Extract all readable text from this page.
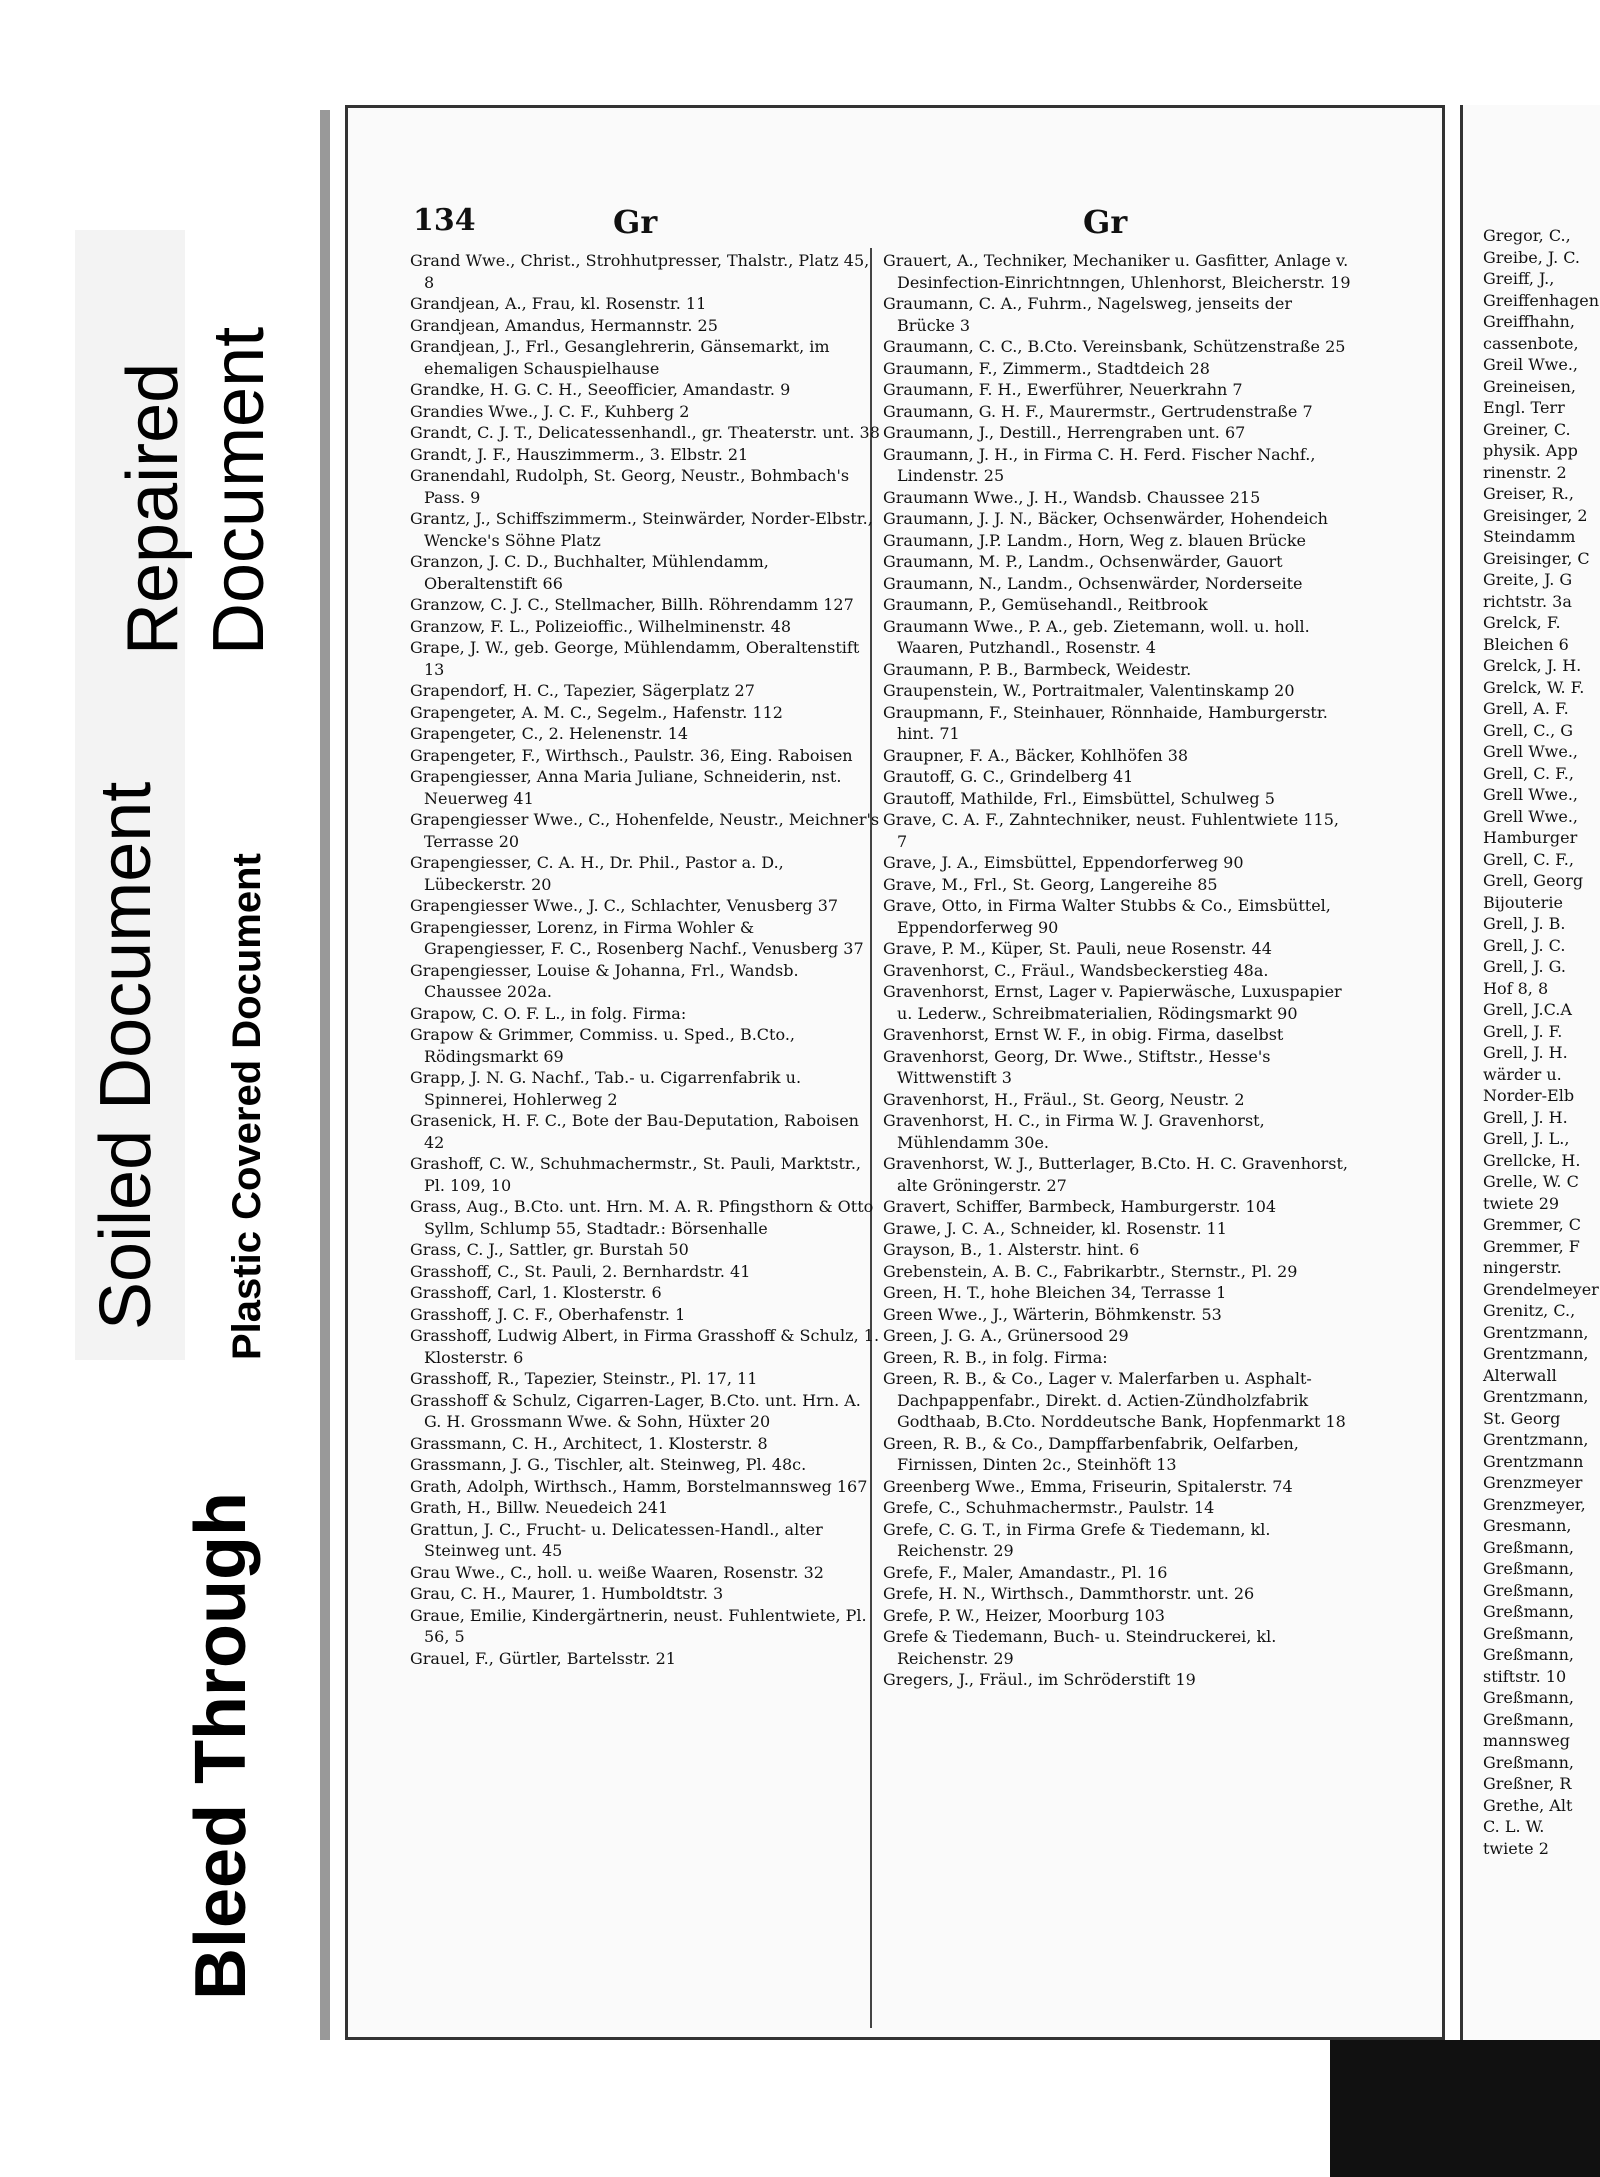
Soiled Document
Bleed Through
Plastic Covered Document
Repaired Document
134	Gr	Gr

Grand Wwe., Christ., Strohhutpresser, Thalstr., Platz 45, 8

Grandjean, A., Frau, kl. Rosenstr. 11

Grandjean, Amandus, Hermannstr. 25

Grandjean, J., Frl., Gesanglehrerin, Gänsemarkt, im ehemaligen Schauspielhause

Grandke, H. G. C. H., Seeofficier, Amandastr. 9

Grandies Wwe., J. C. F., Kuhberg 2

Grandt, C. J. T., Delicatessenhandl., gr. Theaterstr. unt. 38

Grandt, J. F., Hauszimmerm., 3. Elbstr. 21

Granendahl, Rudolph, St. Georg, Neustr., Bohmbach's Pass. 9

Grantz, J., Schiffszimmerm., Steinwärder, Norder-Elbstr., Wencke's Söhne Platz

Granzon, J. C. D., Buchhalter, Mühlendamm, Oberaltenstift 66

Granzow, C. J. C., Stellmacher, Billh. Röhrendamm 127

Granzow, F. L., Polizeioffic., Wilhelminenstr. 48

Grape, J. W., geb. George, Mühlendamm, Oberaltenstift 13

Grapendorf, H. C., Tapezier, Sägerplatz 27

Grapengeter, A. M. C., Segelm., Hafenstr. 112

Grapengeter, C., 2. Helenenstr. 14

Grapengeter, F., Wirthsch., Paulstr. 36, Eing. Raboisen

Grapengiesser, Anna Maria Juliane, Schneiderin, nst. Neuerweg 41

Grapengiesser Wwe., C., Hohenfelde, Neustr., Meichner's Terrasse 20

Grapengiesser, C. A. H., Dr. Phil., Pastor a. D., Lübeckerstr. 20

Grapengiesser Wwe., J. C., Schlachter, Venusberg 37

Grapengiesser, Lorenz, in Firma Wohler & Grapengiesser, F. C., Rosenberg Nachf., Venusberg 37

Grapengiesser, Louise & Johanna, Frl., Wandsb. Chaussee 202a.

Grapow, C. O. F. L., in folg. Firma:

Grapow & Grimmer, Commiss. u. Sped., B.Cto., Rödingsmarkt 69

Grapp, J. N. G. Nachf., Tab.- u. Cigarrenfabrik u. Spinnerei, Hohlerweg 2

Grasenick, H. F. C., Bote der Bau-Deputation, Raboisen 42

Grashoff, C. W., Schuhmachermstr., St. Pauli, Marktstr., Pl. 109, 10

Grass, Aug., B.Cto. unt. Hrn. M. A. R. Pfingsthorn & Otto Syllm, Schlump 55, Stadtadr.: Börsenhalle

Grass, C. J., Sattler, gr. Burstah 50

Grasshoff, C., St. Pauli, 2. Bernhardstr. 41

Grasshoff, Carl, 1. Klosterstr. 6

Grasshoff, J. C. F., Oberhafenstr. 1

Grasshoff, Ludwig Albert, in Firma Grasshoff & Schulz, 1. Klosterstr. 6

Grasshoff, R., Tapezier, Steinstr., Pl. 17, 11

Grasshoff & Schulz, Cigarren-Lager, B.Cto. unt. Hrn. A. G. H. Grossmann Wwe. & Sohn, Hüxter 20

Grassmann, C. H., Architect, 1. Klosterstr. 8

Grassmann, J. G., Tischler, alt. Steinweg, Pl. 48c.

Grath, Adolph, Wirthsch., Hamm, Borstelmannsweg 167

Grath, H., Billw. Neuedeich 241

Grattun, J. C., Frucht- u. Delicatessen-Handl., alter Steinweg unt. 45

Grau Wwe., C., holl. u. weiße Waaren, Rosenstr. 32

Grau, C. H., Maurer, 1. Humboldtstr. 3

Graue, Emilie, Kindergärtnerin, neust. Fuhlentwiete, Pl. 56, 5

Grauel, F., Gürtler, Bartelsstr. 21

Grauert, A., Techniker, Mechaniker u. Gasfitter, Anlage v. Desinfection-Einrichtnngen, Uhlenhorst, Bleicherstr. 19

Graumann, C. A., Fuhrm., Nagelsweg, jenseits der Brücke 3

Graumann, C. C., B.Cto. Vereinsbank, Schützenstraße 25

Graumann, F., Zimmerm., Stadtdeich 28

Graumann, F. H., Ewerführer, Neuerkrahn 7

Graumann, G. H. F., Maurermstr., Gertrudenstraße 7

Graumann, J., Destill., Herrengraben unt. 67

Graumann, J. H., in Firma C. H. Ferd. Fischer Nachf., Lindenstr. 25

Graumann Wwe., J. H., Wandsb. Chaussee 215

Graumann, J. J. N., Bäcker, Ochsenwärder, Hohendeich

Graumann, J.P. Landm., Horn, Weg z. blauen Brücke

Graumann, M. P., Landm., Ochsenwärder, Gauort

Graumann, N., Landm., Ochsenwärder, Norderseite

Graumann, P., Gemüsehandl., Reitbrook

Graumann Wwe., P. A., geb. Zietemann, woll. u. holl. Waaren, Putzhandl., Rosenstr. 4

Graumann, P. B., Barmbeck, Weidestr.

Graupenstein, W., Portraitmaler, Valentinskamp 20

Graupmann, F., Steinhauer, Rönnhaide, Hamburgerstr. hint. 71

Graupner, F. A., Bäcker, Kohlhöfen 38

Grautoff, G. C., Grindelberg 41

Grautoff, Mathilde, Frl., Eimsbüttel, Schulweg 5

Grave, C. A. F., Zahntechniker, neust. Fuhlentwiete 115, 7

Grave, J. A., Eimsbüttel, Eppendorferweg 90

Grave, M., Frl., St. Georg, Langereihe 85

Grave, Otto, in Firma Walter Stubbs & Co., Eimsbüttel, Eppendorferweg 90

Grave, P. M., Küper, St. Pauli, neue Rosenstr. 44

Gravenhorst, C., Fräul., Wandsbeckerstieg 48a.

Gravenhorst, Ernst, Lager v. Papierwäsche, Luxuspapier u. Lederw., Schreibmaterialien, Rödingsmarkt 90

Gravenhorst, Ernst W. F., in obig. Firma, daselbst

Gravenhorst, Georg, Dr. Wwe., Stiftstr., Hesse's Wittwenstift 3

Gravenhorst, H., Fräul., St. Georg, Neustr. 2

Gravenhorst, H. C., in Firma W. J. Gravenhorst, Mühlendamm 30e.

Gravenhorst, W. J., Butterlager, B.Cto. H. C. Gravenhorst, alte Gröningerstr. 27

Gravert, Schiffer, Barmbeck, Hamburgerstr. 104

Grawe, J. C. A., Schneider, kl. Rosenstr. 11

Grayson, B., 1. Alsterstr. hint. 6

Grebenstein, A. B. C., Fabrikarbtr., Sternstr., Pl. 29

Green, H. T., hohe Bleichen 34, Terrasse 1

Green Wwe., J., Wärterin, Böhmkenstr. 53

Green, J. G. A., Grünersood 29

Green, R. B., in folg. Firma:

Green, R. B., & Co., Lager v. Malerfarben u. Asphalt-Dachpappenfabr., Direkt. d. Actien-Zündholzfabrik Godthaab, B.Cto. Norddeutsche Bank, Hopfenmarkt 18

Green, R. B., & Co., Dampffarbenfabrik, Oelfarben, Firnissen, Dinten 2c., Steinhöft 13

Greenberg Wwe., Emma, Friseurin, Spitalerstr. 74

Grefe, C., Schuhmachermstr., Paulstr. 14

Grefe, C. G. T., in Firma Grefe & Tiedemann, kl. Reichenstr. 29

Grefe, F., Maler, Amandastr., Pl. 16

Grefe, H. N., Wirthsch., Dammthorstr. unt. 26

Grefe, P. W., Heizer, Moorburg 103

Grefe & Tiedemann, Buch- u. Steindruckerei, kl. Reichenstr. 29

Gregers, J., Fräul., im Schröderstift 19

Gregor, C.,
Greibe, J. C.
Greiff, J.,
Greiffenhagen
Greiffhahn,
cassenbote,
Greil Wwe.,
Greineisen,
Engl. Terr
Greiner, C.
physik. App
rinenstr. 2
Greiser, R.,
Greisinger, 2
Steindamm
Greisinger, C
Greite, J. G
richtstr. 3a
Grelck, F.
Bleichen 6
Grelck, J. H.
Grelck, W. F.
Grell, A. F.
Grell, C., G
Grell Wwe.,
Grell, C. F.,
Grell Wwe.,
Grell Wwe.,
Hamburger
Grell, C. F.,
Grell, Georg
Bijouterie
Grell, J. B.
Grell, J. C.
Grell, J. G.
Hof 8, 8
Grell, J.C.A
Grell, J. F.
Grell, J. H.
wärder u.
Norder-Elb
Grell, J. H.
Grell, J. L.,
Grellcke, H.
Grelle, W. C
twiete 29
Gremmer, C
Gremmer, F
ningerstr.
Grendelmeyer
Grenitz, C.,
Grentzmann,
Grentzmann,
Alterwall
Grentzmann,
St. Georg
Grentzmann,
Grentzmann
Grenzmeyer
Grenzmeyer,
Gresmann,
Greßmann,
Greßmann,
Greßmann,
Greßmann,
Greßmann,
Greßmann,
stiftstr. 10
Greßmann,
Greßmann,
mannsweg
Greßmann,
Greßner, R
Grethe, Alt
C. L. W.
twiete 2
